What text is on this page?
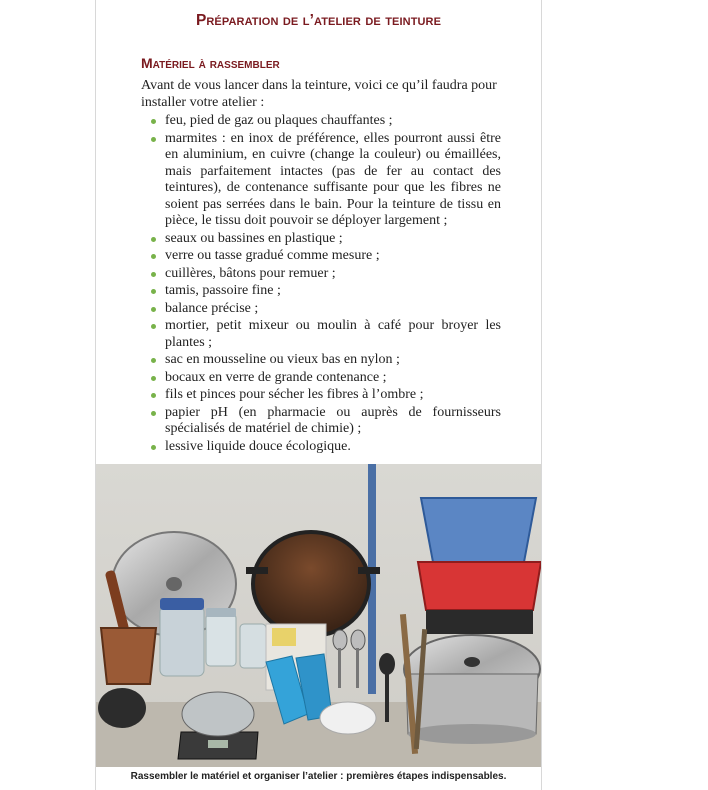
Préparation de l’atelier de teinture
Matériel à rassembler
Avant de vous lancer dans la teinture, voici ce qu’il faudra pour installer votre atelier :
feu, pied de gaz ou plaques chauffantes ;
marmites : en inox de préférence, elles pourront aussi être en aluminium, en cuivre (change la couleur) ou émaillées, mais parfaitement intactes (pas de fer au contact des teintures), de contenance suffisante pour que les fibres ne soient pas serrées dans le bain. Pour la teinture de tissu en pièce, le tissu doit pouvoir se déployer largement ;
seaux ou bassines en plastique ;
verre ou tasse gradué comme mesure ;
cuillères, bâtons pour remuer ;
tamis, passoire fine ;
balance précise ;
mortier, petit mixeur ou moulin à café pour broyer les plantes ;
sac en mousseline ou vieux bas en nylon ;
bocaux en verre de grande contenance ;
fils et pinces pour sécher les fibres à l’ombre ;
papier pH (en pharmacie ou auprès de fournisseurs spécialisés de matériel de chimie) ;
lessive liquide douce écologique.
Rassembler le matériel et organiser l’atelier : premières étapes indispensables.
